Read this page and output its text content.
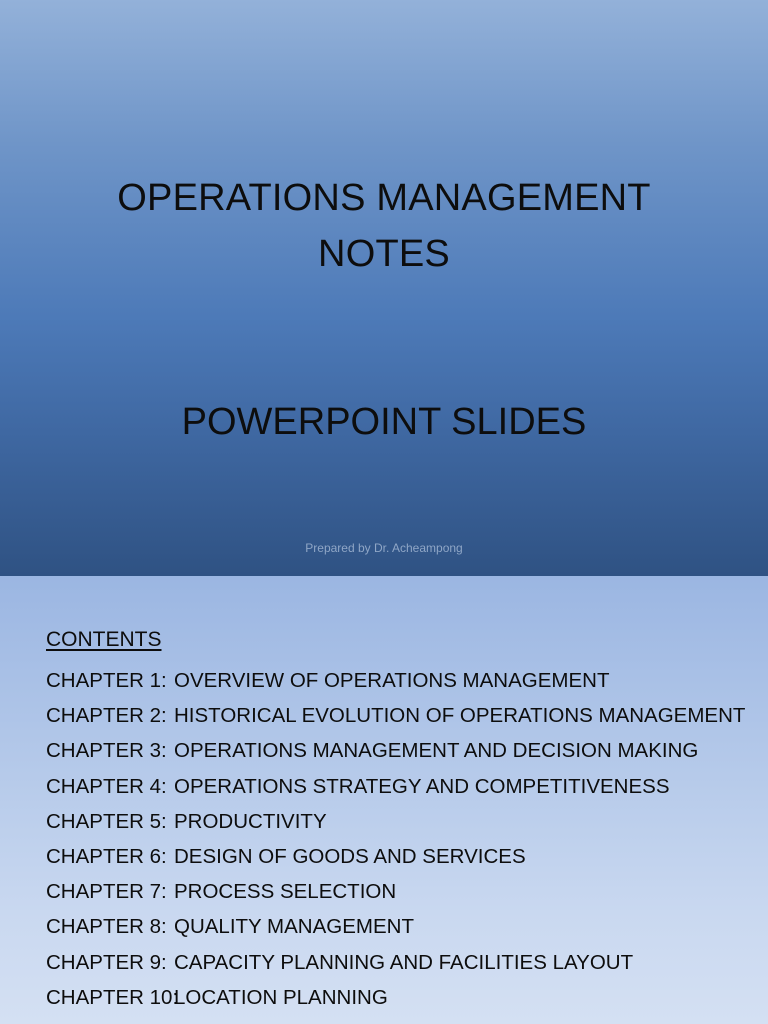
OPERATIONS MANAGEMENT
NOTES
POWERPOINT SLIDES
Prepared by Dr. Acheampong
CONTENTS
CHAPTER 1: OVERVIEW OF OPERATIONS MANAGEMENT
CHAPTER 2: HISTORICAL EVOLUTION OF OPERATIONS MANAGEMENT
CHAPTER 3: OPERATIONS MANAGEMENT AND DECISION MAKING
CHAPTER 4: OPERATIONS STRATEGY AND COMPETITIVENESS
CHAPTER 5: PRODUCTIVITY
CHAPTER 6: DESIGN OF GOODS AND SERVICES
CHAPTER 7: PROCESS SELECTION
CHAPTER 8: QUALITY MANAGEMENT
CHAPTER 9: CAPACITY PLANNING AND FACILITIES LAYOUT
CHAPTER 10:LOCATION PLANNING
